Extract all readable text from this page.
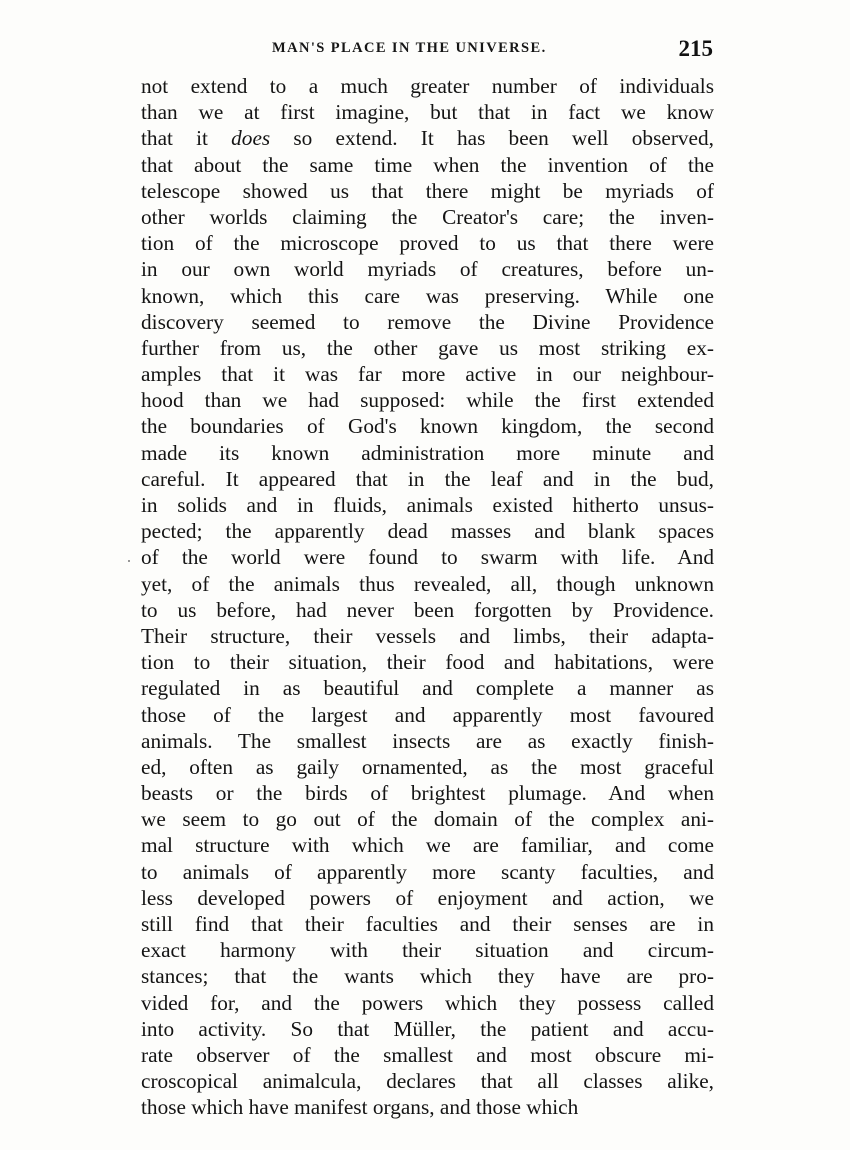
MAN'S PLACE IN THE UNIVERSE.	215
not extend to a much greater number of individuals
than we at first imagine, but that in fact we know
that it does so extend. It has been well observed,
that about the same time when the invention of the
telescope showed us that there might be myriads of
other worlds claiming the Creator's care; the inven-
tion of the microscope proved to us that there were
in our own world myriads of creatures, before un-
known, which this care was preserving. While one
discovery seemed to remove the Divine Providence
further from us, the other gave us most striking ex-
amples that it was far more active in our neighbour-
hood than we had supposed: while the first extended
the boundaries of God's known kingdom, the second
made its known administration more minute and
careful. It appeared that in the leaf and in the bud,
in solids and in fluids, animals existed hitherto unsus-
pected; the apparently dead masses and blank spaces
of the world were found to swarm with life. And
yet, of the animals thus revealed, all, though unknown
to us before, had never been forgotten by Providence.
Their structure, their vessels and limbs, their adapta-
tion to their situation, their food and habitations, were
regulated in as beautiful and complete a manner as
those of the largest and apparently most favoured
animals. The smallest insects are as exactly finish-
ed, often as gaily ornamented, as the most graceful
beasts or the birds of brightest plumage. And when
we seem to go out of the domain of the complex ani-
mal structure with which we are familiar, and come
to animals of apparently more scanty faculties, and
less developed powers of enjoyment and action, we
still find that their faculties and their senses are in
exact harmony with their situation and circum-
stances; that the wants which they have are pro-
vided for, and the powers which they possess called
into activity. So that Müller, the patient and accu-
rate observer of the smallest and most obscure mi-
croscopical animalcula, declares that all classes alike,
those which have manifest organs, and those which
